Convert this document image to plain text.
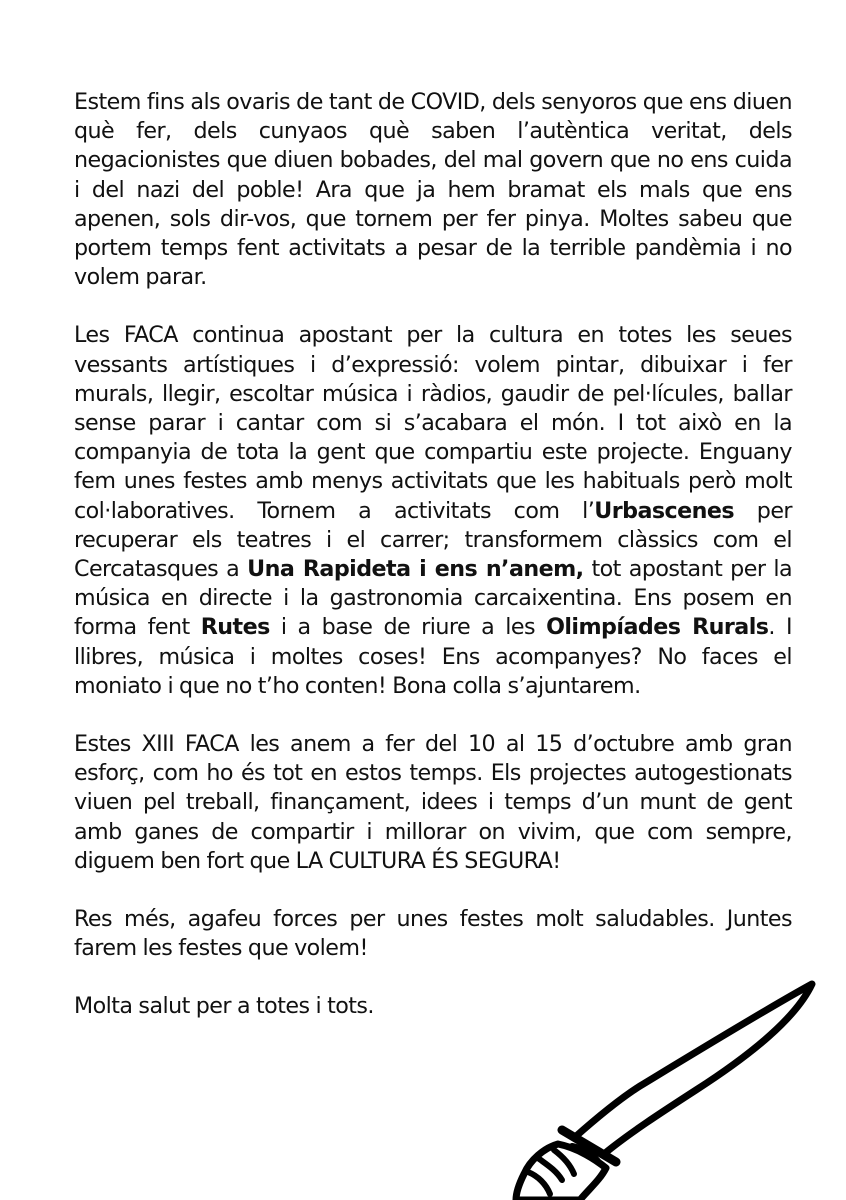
Estem fins als ovaris de tant de COVID, dels senyoros que ens diuen què fer, dels cunyaos què saben l’autèntica veritat, dels negacionistes que diuen bobades, del mal govern que no ens cuida i del nazi del poble! Ara que ja hem bramat els mals que ens apenen, sols dir-vos, que tornem per fer pinya. Moltes sabeu que portem temps fent activitats a pesar de la terrible pandèmia i no volem parar.

Les FACA continua apostant per la cultura en totes les seues vessants artístiques i d’expressió: volem pintar, dibuixar i fer murals, llegir, escoltar música i ràdios, gaudir de pel·lícules, ballar sense parar i cantar com si s’acabara el món. I tot això en la companyia de tota la gent que compartiu este projecte. Enguany fem unes festes amb menys activitats que les habituals però molt col·laboratives. Tornem a activitats com l’Urbascenes per recuperar els teatres i el carrer; transformem clàssics com el Cercatasques a Una Rapideta i ens n’anem, tot apostant per la música en directe i la gastronomia carcaixentina. Ens posem en forma fent Rutes i a base de riure a les Olimpíades Rurals. I llibres, música i moltes coses! Ens acompanyes? No faces el moniato i que no t’ho conten! Bona colla s’ajuntarem.

Estes XIII FACA les anem a fer del 10 al 15 d’octubre amb gran esforç, com ho és tot en estos temps. Els projectes autogestionats viuen pel treball, finançament, idees i temps d’un munt de gent amb ganes de compartir i millorar on vivim, que com sempre, diguem ben fort que LA CULTURA ÉS SEGURA!

Res més, agafeu forces per unes festes molt saludables. Juntes farem les festes que volem!

Molta salut per a totes i tots.
